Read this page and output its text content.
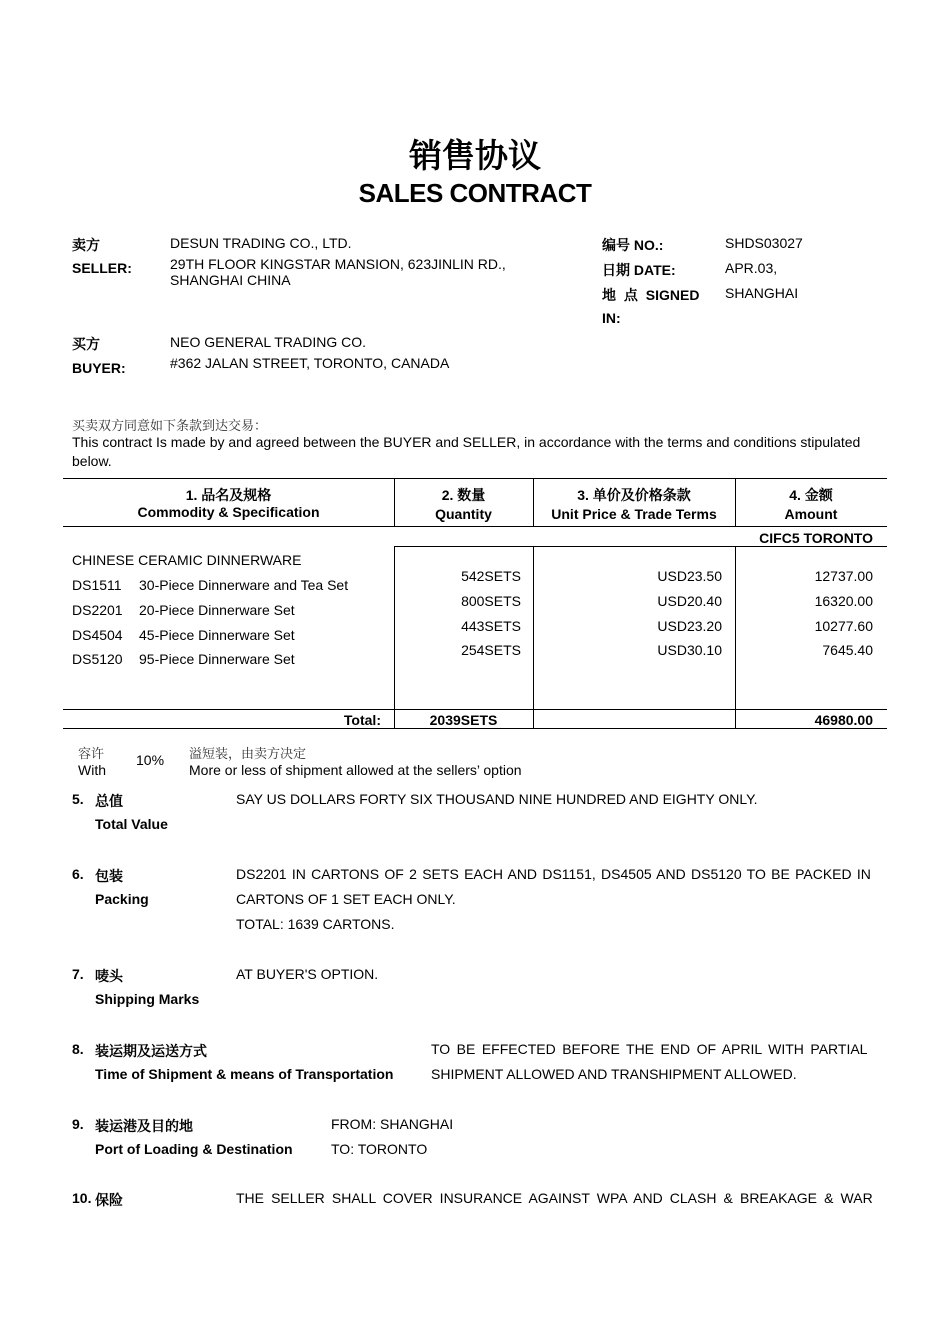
销售协议
SALES CONTRACT
卖方
SELLER:
DESUN TRADING CO., LTD.
29TH FLOOR KINGSTAR MANSION, 623JINLIN RD.,
SHANGHAI CHINA
编号 NO.:	SHDS03027
日期 DATE:	APR.03,
地 点 SIGNED
IN:
SHANGHAI
买方
BUYER:
NEO GENERAL TRADING CO.
#362 JALAN STREET, TORONTO, CANADA
买卖双方同意如下条款到达交易：
This contract Is made by and agreed between the BUYER and SELLER, in accordance with the terms and conditions stipulated below.
1. 品名及规格
Commodity & Specification
2. 数量
Quantity
3. 单价及价格条款
Unit Price & Trade Terms
4. 金额
Amount
CIFC5 TORONTO
CHINESE CERAMIC DINNERWARE
DS1511 30-Piece Dinnerware and Tea Set
542SETS	USD23.50	12737.00
DS2201 20-Piece Dinnerware Set
800SETS	USD20.40	16320.00
DS4504 45-Piece Dinnerware Set
443SETS	USD23.20	10277.60
DS5120 95-Piece Dinnerware Set
254SETS	USD30.10	7645.40
Total:	2039SETS	46980.00
容许
With
10% 溢短装，由卖方决定
More or less of shipment allowed at the sellers’ option
5. 总值
Total Value
SAY US DOLLARS FORTY SIX THOUSAND NINE HUNDRED AND EIGHTY ONLY.
6. 包装
Packing
DS2201 IN CARTONS OF 2 SETS EACH AND DS1151, DS4505 AND DS5120 TO BE PACKED IN
CARTONS OF 1 SET EACH ONLY.
TOTAL: 1639 CARTONS.
7. 唛头
Shipping Marks
AT BUYER'S OPTION.
8. 装运期及运送方式
Time of Shipment & means of Transportation
TO BE EFFECTED BEFORE THE END OF APRIL WITH PARTIAL
SHIPMENT ALLOWED AND TRANSHIPMENT ALLOWED.
9. 装运港及目的地
Port of Loading & Destination
FROM: SHANGHAI
TO: TORONTO
10. 保险	THE SELLER SHALL COVER INSURANCE AGAINST WPA AND CLASH & BREAKAGE & WAR
